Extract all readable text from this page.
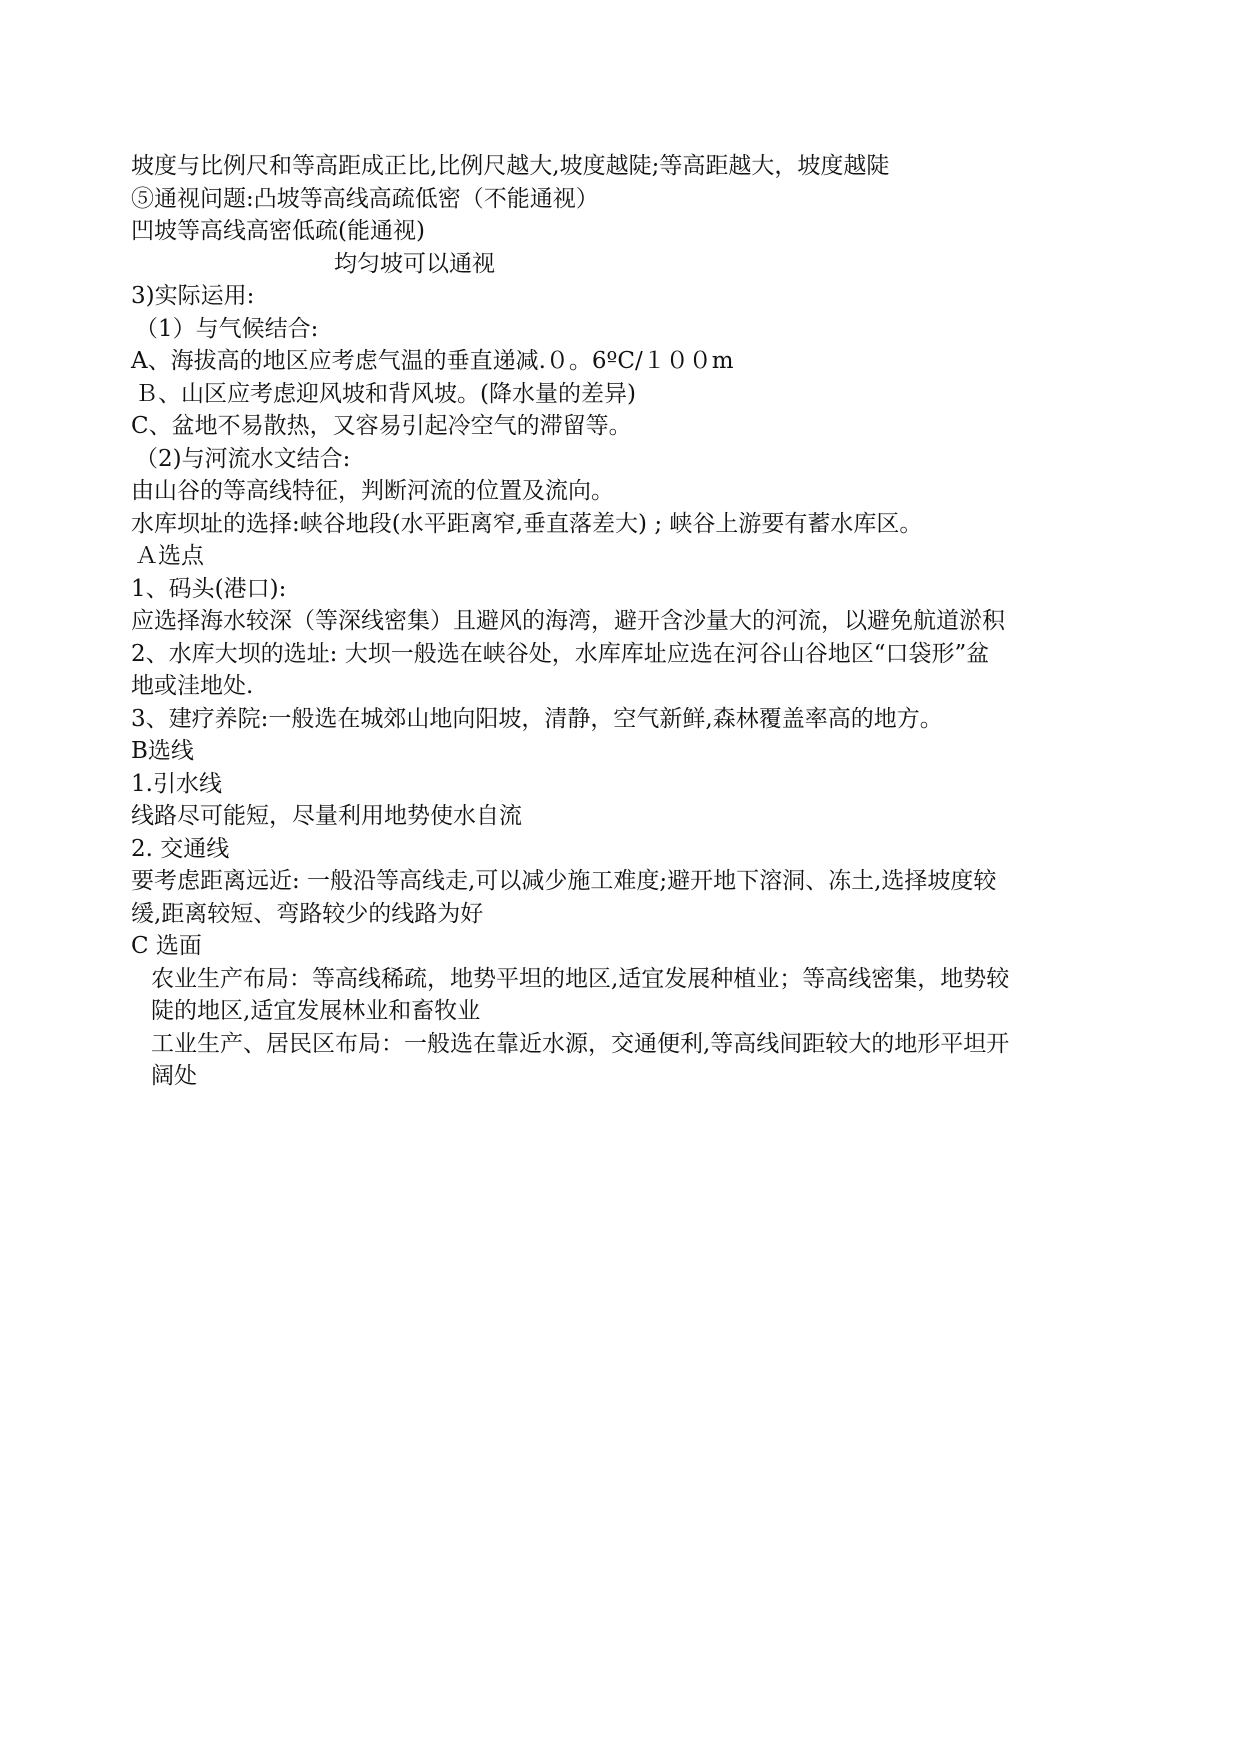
坡度与比例尺和等高距成正比,比例尺越大,坡度越陡;等高距越大，坡度越陡
⑤通视问题:凸坡等高线高疏低密（不能通视）
凹坡等高线高密低疏(能通视)
均匀坡可以通视
3)实际运用:
（1）与气候结合:
A、海拔高的地区应考虑气温的垂直递减.０。6ºC/１００m
Ｂ、山区应考虑迎风坡和背风坡。(降水量的差异)
C、盆地不易散热，又容易引起冷空气的滞留等。
（2)与河流水文结合:
由山谷的等高线特征，判断河流的位置及流向。
水库坝址的选择:峡谷地段(水平距离窄,垂直落差大) ; 峡谷上游要有蓄水库区。
Ａ选点
1、码头(港口):
应选择海水较深（等深线密集）且避风的海湾，避开含沙量大的河流，以避免航道淤积
2、水库大坝的选址: 大坝一般选在峡谷处，水库库址应选在河谷山谷地区“口袋形”盆
地或洼地处.
3、建疗养院:一般选在城郊山地向阳坡，清静，空气新鲜,森林覆盖率高的地方。
B选线
1.引水线
线路尽可能短，尽量利用地势使水自流
2. 交通线
要考虑距离远近: 一般沿等高线走,可以减少施工难度;避开地下溶洞、冻土,选择坡度较
缓,距离较短、弯路较少的线路为好
C 选面
农业生产布局：等高线稀疏，地势平坦的地区,适宜发展种植业；等高线密集，地势较
陡的地区,适宜发展林业和畜牧业
工业生产、居民区布局：一般选在靠近水源，交通便利,等高线间距较大的地形平坦开
阔处
